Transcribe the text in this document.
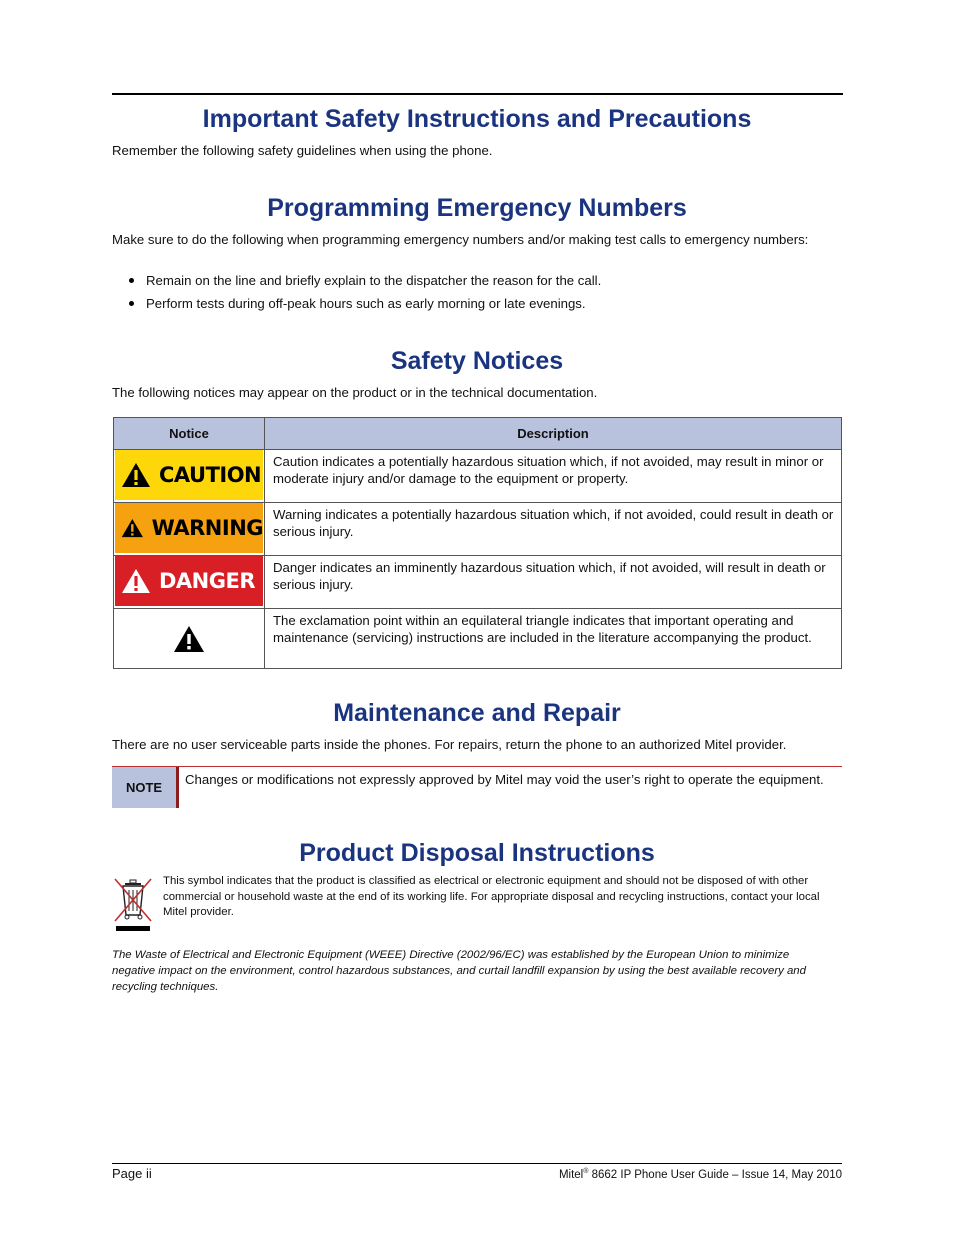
Important Safety Instructions and Precautions

Remember the following safety guidelines when using the phone.

Programming Emergency Numbers

Make sure to do the following when programming emergency numbers and/or making test calls to emergency numbers:

Remain on the line and briefly explain to the dispatcher the reason for the call.
Perform tests during off-peak hours such as early morning or late evenings.
Safety Notices

The following notices may appear on the product or in the technical documentation.

Notice	Description

CAUTION	Caution indicates a potentially hazardous situation which, if not avoided, may result in minor or moderate injury and/or damage to the equipment or property.

WARNING	Warning indicates a potentially hazardous situation which, if not avoided, could result in death or serious injury.

DANGER	Danger indicates an imminently hazardous situation which, if not avoided, will result in death or serious injury.

	The exclamation point within an equilateral triangle indicates that important operating and maintenance (servicing) instructions are included in the literature accompanying the product.
Maintenance and Repair

There are no user serviceable parts inside the phones. For repairs, return the phone to an authorized Mitel provider.

NOTE
Changes or modifications not expressly approved by Mitel may void the user’s right to operate the equipment.
Product Disposal Instructions
This symbol indicates that the product is classified as electrical or electronic equipment and should not be disposed of with other commercial or household waste at the end of its working life. For appropriate disposal and recycling instructions, contact your local Mitel provider.
The Waste of Electrical and Electronic Equipment (WEEE) Directive (2002/96/EC) was established by the European Union to minimize negative impact on the environment, control hazardous substances, and curtail landfill expansion by using the best available recovery and recycling techniques.
Page ii	Mitel® 8662 IP Phone User Guide – Issue 14, May 2010
